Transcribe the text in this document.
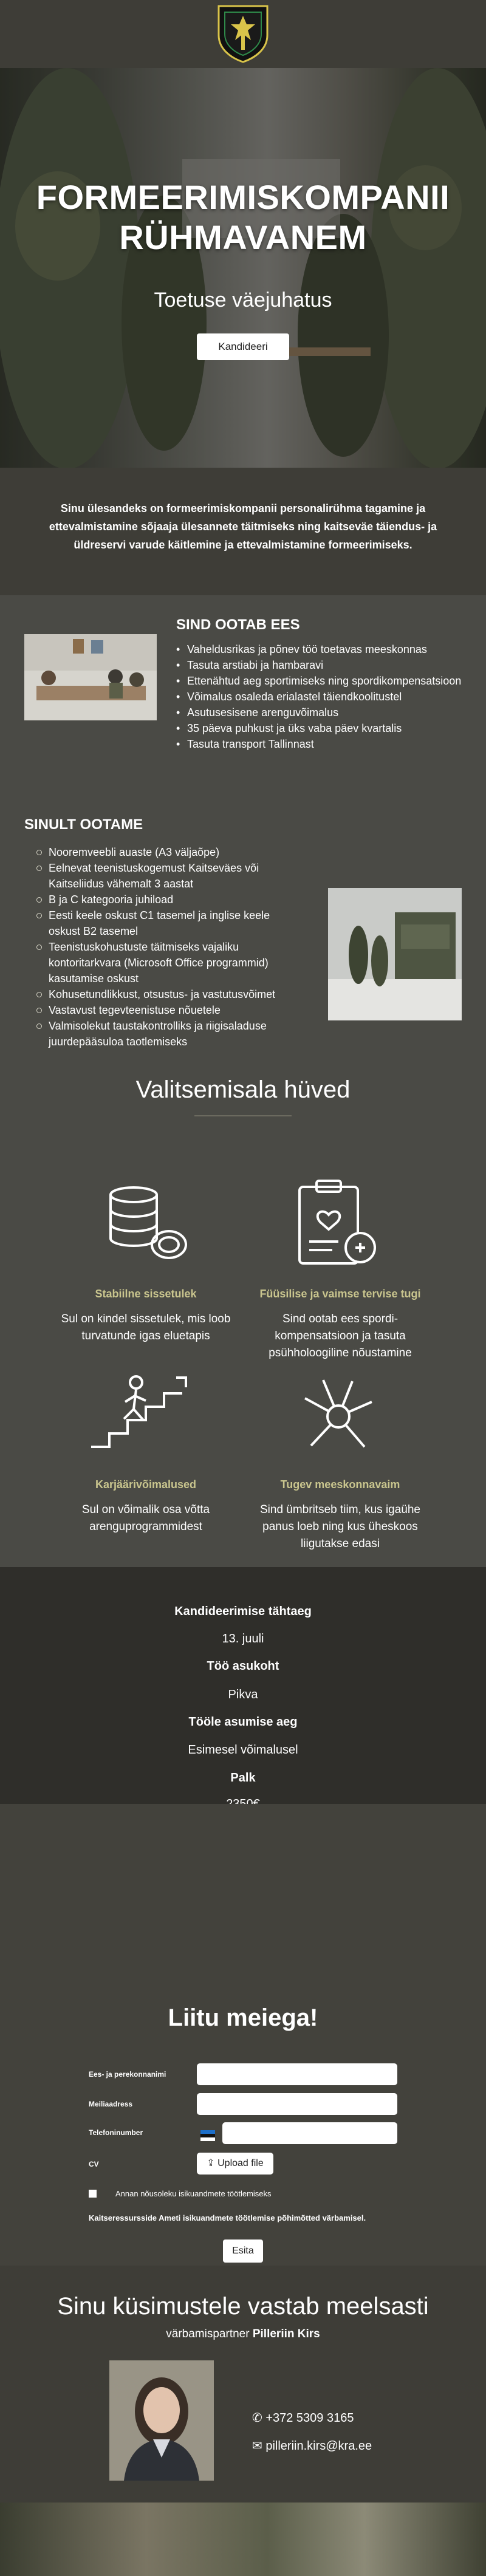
FORMEERIMISKOMPANII
RÜHMAVANEM
Toetuse väejuhatus
Kandideeri

Sinu ülesandeks on formeerimiskompanii personalirühma tagamine ja ettevalmistamine sõjaaja ülesannete täitmiseks ning kaitseväe täiendus- ja üldreservi varude käitlemine ja ettevalmistamine formeerimiseks.

SIND OOTAB EES
• Vaheldusrikas ja põnev töö toetavas meeskonnas
• Tasuta arstiabi ja hambaravi
• Ettenähtud aeg sportimiseks ning spordikompensatsioon
• Võimalus osaleda erialastel täiendkoolitustel
• Asutusesisene arenguvõimalus
• 35 päeva puhkust ja üks vaba päev kvartalis
• Tasuta transport Tallinnast
SINULT OOTAME
Nooremveebli auaste (A3 väljaõpe)
Eelnevat teenistuskogemust Kaitseväes või Kaitseliidus vähemalt 3 aastat
B ja C kategooria juhiload
Eesti keele oskust C1 tasemel ja inglise keele oskust B2 tasemel
Teenistuskohustuste täitmiseks vajaliku kontoritarkvara (Microsoft Office programmid) kasutamise oskust
Kohusetundlikkust, otsustus- ja vastutusvõimet
Vastavust tegevteenistuse nõuetele
Valmisolekut taustakontrolliks ja riigisaladuse juurdepääsuloa taotlemiseks
Valitsemisala hüved
Stabiilne sissetulek
Sul on kindel sissetulek, mis loob turvatunde igas eluetapis
Füüsilise ja vaimse tervise tugi
Sind ootab ees spordi-kompensatsioon ja tasuta psühholoogiline nõustamine
Karjäärivõimalused
Sul on võimalik osa võtta arenguprogrammidest
Tugev meeskonnavaim
Sind ümbritseb tiim, kus igaühe panus loeb ning kus üheskoos liigutakse edasi
Kandideerimise tähtaeg
13. juuli
Töö asukoht
Pikva
Tööle asumise aeg
Esimesel võimalusel
Palk
Liitu meiega!
Ees- ja perekonnanimi
Meiliaadress
Telefoninumber
CV	⇪ Upload file
Annan nõusoleku isikuandmete töötlemiseks
Kaitseressursside Ameti isikuandmete töötlemise põhimõtted värbamisel.
Esita
Sinu küsimustele vastab meelsasti
värbamispartner Pilleriin Kirs
✆ +372 5309 3165
✉ pilleriin.kirs@kra.ee
